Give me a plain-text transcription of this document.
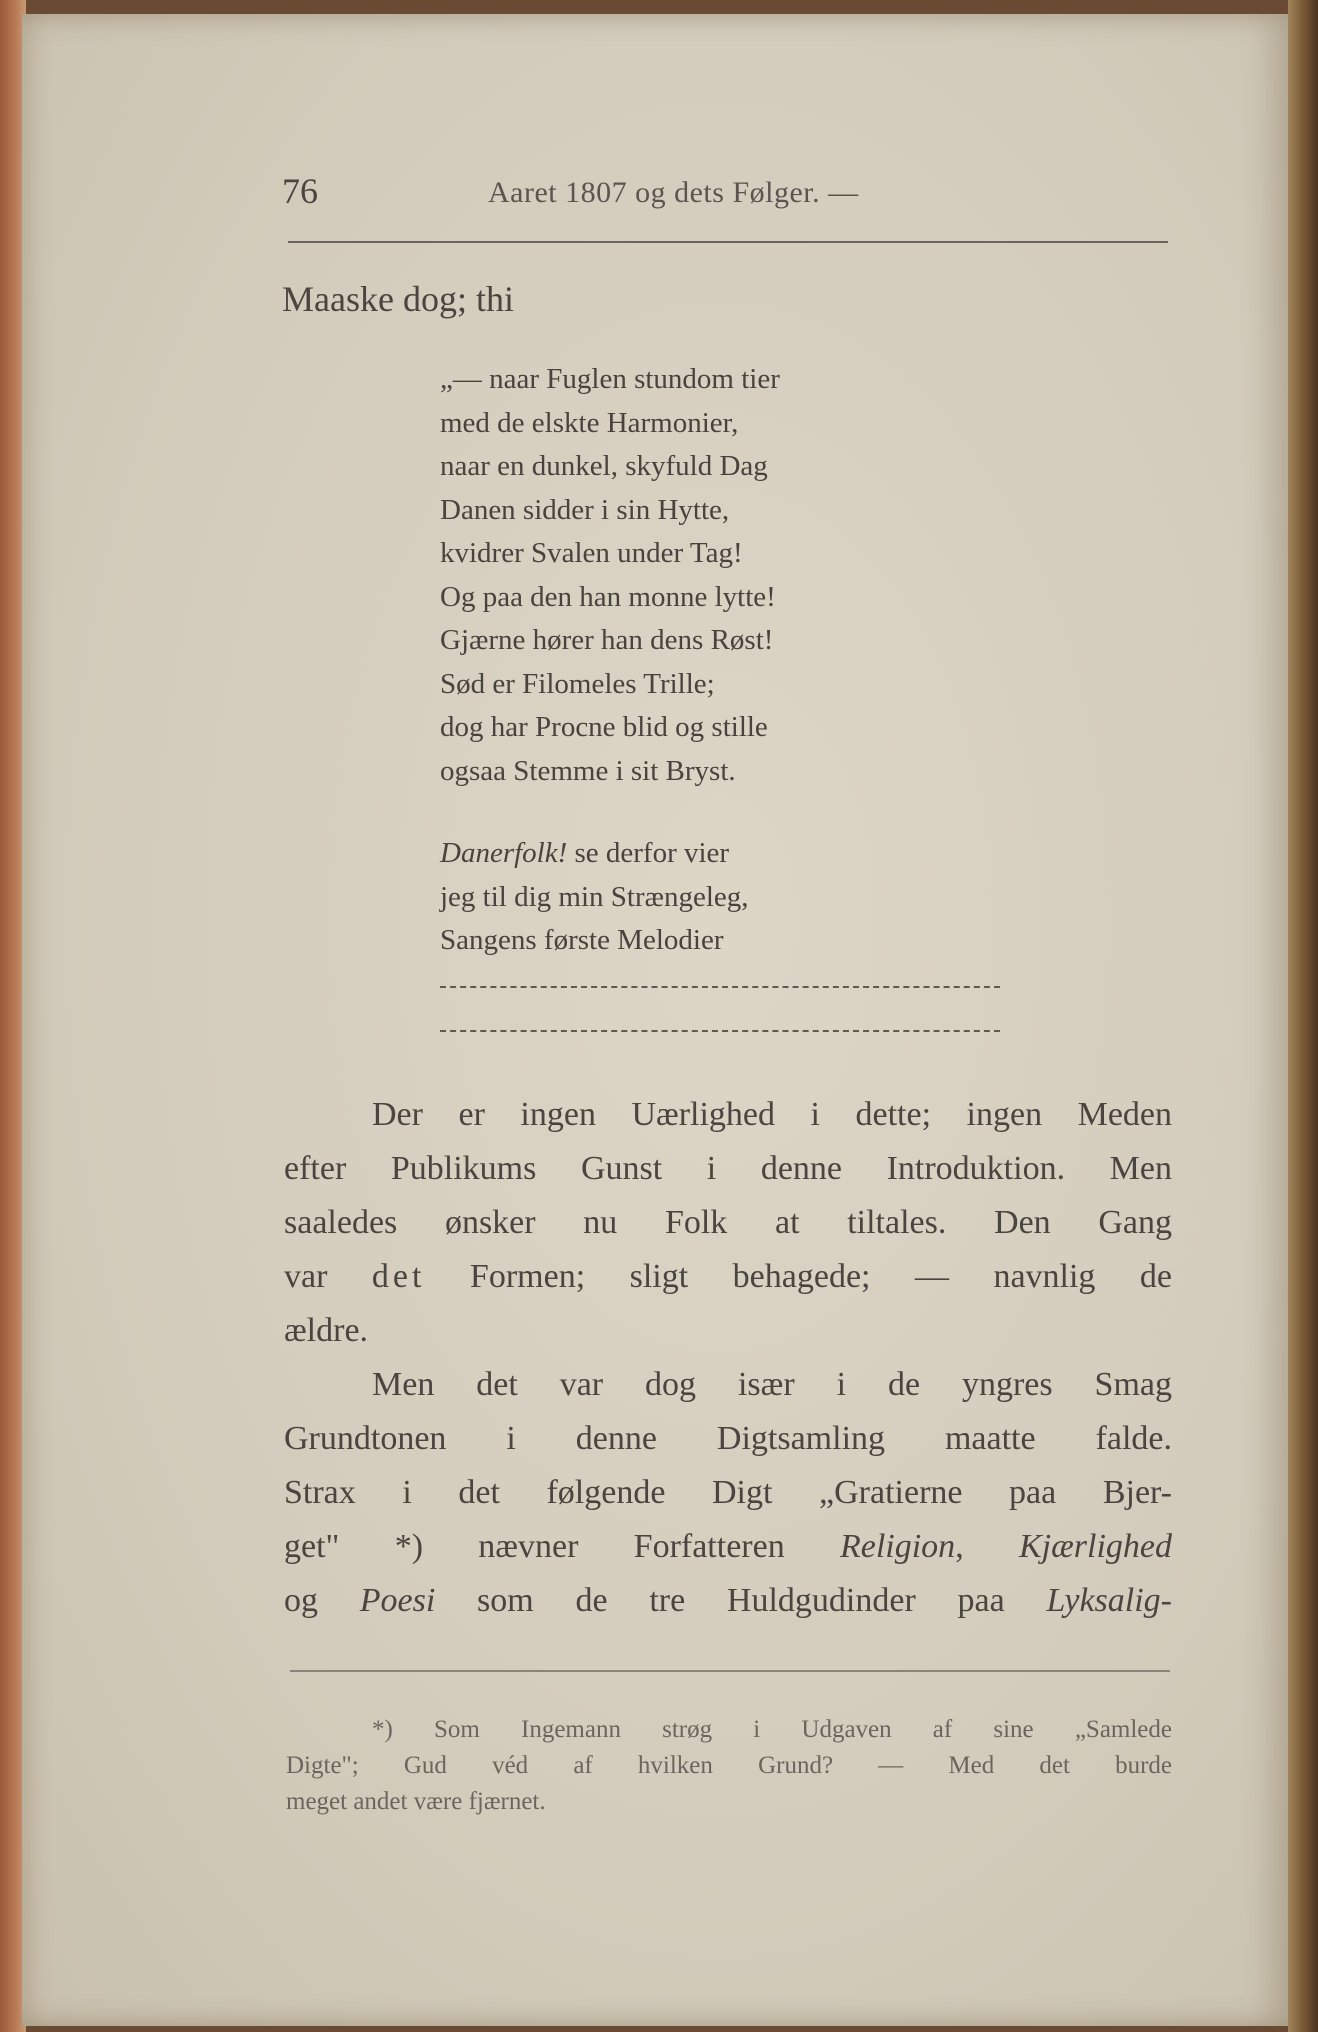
76	Aaret 1807 og dets Følger. —
Maaske dog; thi
„— naar Fuglen stundom tier
med de elskte Harmonier,
naar en dunkel, skyfuld Dag
Danen sidder i sin Hytte,
kvidrer Svalen under Tag!
Og paa den han monne lytte!
Gjærne hører han dens Røst!
Sød er Filomeles Trille;
dog har Procne blid og stille
ogsaa Stemme i sit Bryst.
Danerfolk! se derfor vier
jeg til dig min Strængeleg,
Sangens første Melodier
Der er ingen Uærlighed i dette; ingen Meden
efter Publikums Gunst i denne Introduktion. Men
saaledes ønsker nu Folk at tiltales. Den Gang
var det Formen; sligt behagede; — navnlig de
ældre.
Men det var dog især i de yngres Smag
Grundtonen i denne Digtsamling maatte falde.
Strax i det følgende Digt „Gratierne paa Bjer-
get" *) nævner Forfatteren Religion, Kjærlighed
og Poesi som de tre Huldgudinder paa Lyksalig-
*) Som Ingemann strøg i Udgaven af sine „Samlede
Digte"; Gud véd af hvilken Grund? — Med det burde
meget andet være fjærnet.
